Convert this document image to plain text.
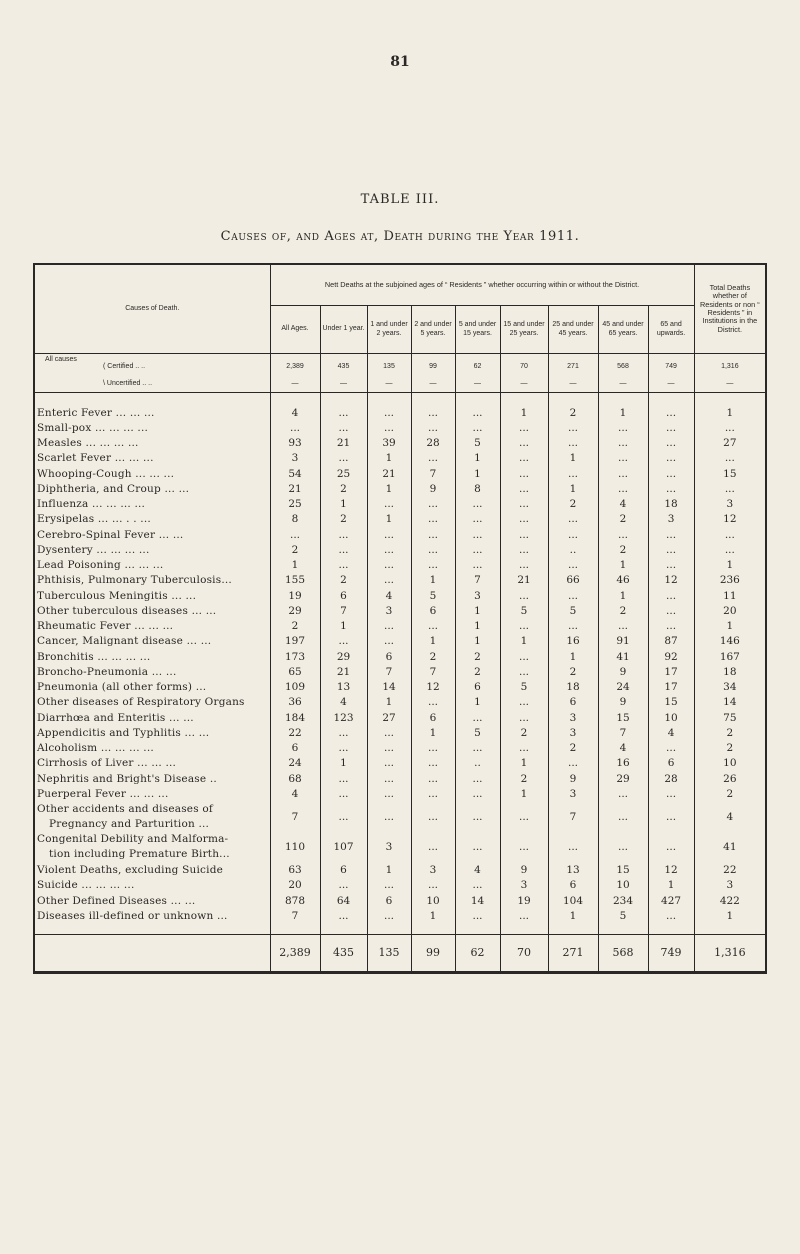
81
TABLE III.
Causes of, and Ages at, Death during the Year 1911.
Causes of Death.	Nett Deaths at the subjoined ages of “ Residents ” whether occurring within or without the District.									Total Deaths whether of Residents or non “ Residents ” in Institutions in the District.
	All Ages.	Under 1 year.	1 and under 2 years.	2 and under 5 years.	5 and under 15 years.	15 and under 25 years.	25 and under 45 years.	45 and under 65 years.	65 and upwards.	

All causes
( Certified .. ..	2,389	435	135	99	62	70	271	568	749	1,316
\ Uncertified .. ..	—	—	—	—	—	—	—	—	—	—

Enteric Fever ... ... ...	4	...	...	...	...	1	2	1	...	1
Small-pox ... ... ... ...	...	...	...	...	...	...	...	...	...	...
Measles ... ... ... ...	93	21	39	28	5	...	...	...	...	27
Scarlet Fever ... ... ...	3	...	1	...	1	...	1	...	...	...
Whooping-Cough ... ... ...	54	25	21	7	1	...	...	...	...	15
Diphtheria, and Croup ... ...	21	2	1	9	8	...	1	...	...	...
Influenza ... ... ... ...	25	1	...	...	...	...	2	4	18	3
Erysipelas ... ... . . ...	8	2	1	...	...	...	...	2	3	12
Cerebro-Spinal Fever ... ...	...	...	...	...	...	...	...	...	...	...
Dysentery ... ... ... ...	2	...	...	...	...	...	..	2	...	...
Lead Poisoning ... ... ...	1	...	...	...	...	...	...	1	...	1
Phthisis, Pulmonary Tuberculosis...	155	2	...	1	7	21	66	46	12	236
Tuberculous Meningitis ... ...	19	6	4	5	3	...	...	1	...	11
Other tuberculous diseases ... ...	29	7	3	6	1	5	5	2	...	20
Rheumatic Fever ... ... ...	2	1	...	...	1	...	...	...	...	1
Cancer, Malignant disease ... ...	197	...	...	1	1	1	16	91	87	146
Bronchitis ... ... ... ...	173	29	6	2	2	...	1	41	92	167
Broncho-Pneumonia ... ...	65	21	7	7	2	...	2	9	17	18
Pneumonia (all other forms) ...	109	13	14	12	6	5	18	24	17	34
Other diseases of Respiratory Organs	36	4	1	...	1	...	6	9	15	14
Diarrhœa and Enteritis ... ...	184	123	27	6	...	...	3	15	10	75
Appendicitis and Typhlitis ... ...	22	...	...	1	5	2	3	7	4	2
Alcoholism ... ... ... ...	6	...	...	...	...	...	2	4	...	2
Cirrhosis of Liver ... ... ...	24	1	...	...	..	1	...	16	6	10
Nephritis and Bright's Disease ..	68	...	...	...	...	2	9	29	28	26
Puerperal Fever ... ... ...	4	...	...	...	...	1	3	...	...	2

Other accidents and diseases of
Pregnancy and Parturition ...	7	...	...	...	...	...	7	...	...	4

Congenital Debility and Malforma-
tion including Premature Birth...	110	107	3	...	...	...	...	...	...	41
Violent Deaths, excluding Suicide	63	6	1	3	4	9	13	15	12	22
Suicide ... ... ... ...	20	...	...	...	...	3	6	10	1	3
Other Defined Diseases ... ...	878	64	6	10	14	19	104	234	427	422
Diseases ill-defined or unknown ...	7	...	...	1	...	...	1	5	...	1

	2,389	435	135	99	62	70	271	568	749	1,316
